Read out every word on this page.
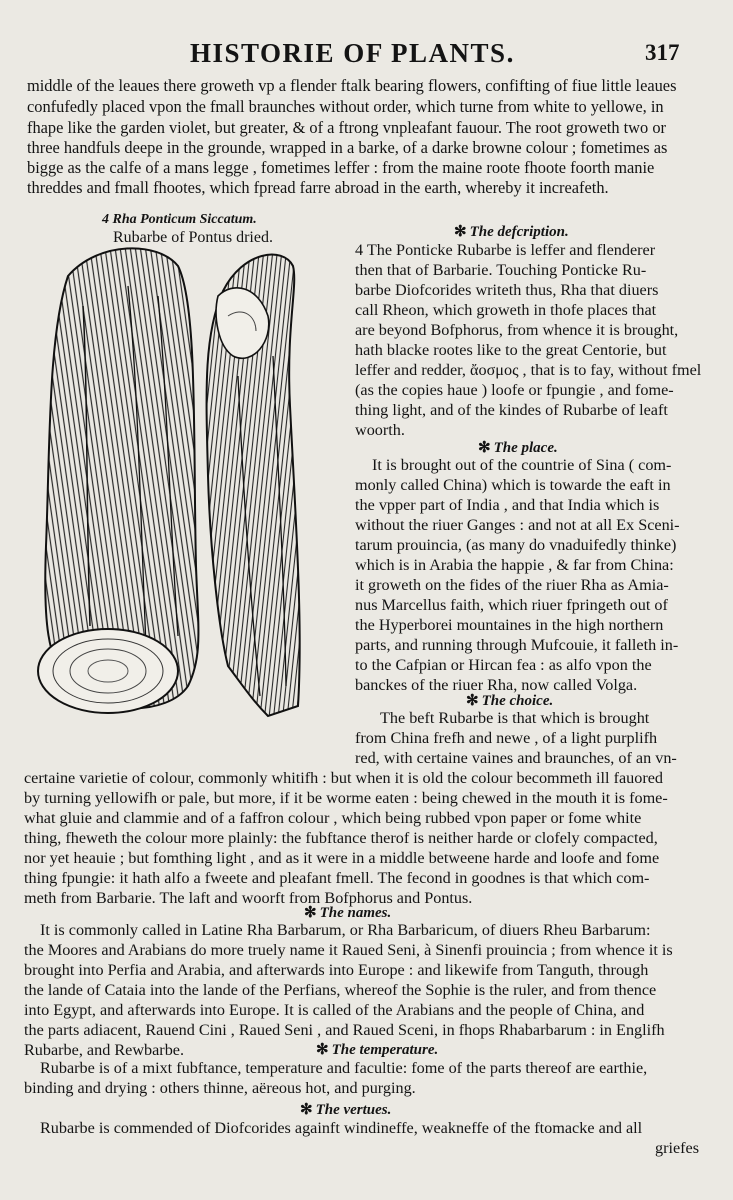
HISTORIE OF PLANTS.	317
middle of the leaues there groweth vp a flender ftalk bearing flowers, confifting of fiue little leaues
confufedly placed vpon the fmall braunches without order, which turne from white to yellowe, in
fhape like the garden violet, but greater, & of a ftrong vnpleafant fauour. The root groweth two or
three handfuls deepe in the grounde, wrapped in a barke, of a darke browne colour ; fometimes as
bigge as the calfe of a mans legge , fometimes leffer : from the maine roote fhoote foorth manie
threddes and fmall fhootes, which fpread farre abroad in the earth, whereby it increafeth.
4 Rha Ponticum Siccatum.
Rubarbe of Pontus dried.	✻ The defcription.
4 The Ponticke Rubarbe is leffer and flenderer
then that of Barbarie. Touching Ponticke Ru-
barbe Diofcorides writeth thus, Rha that diuers
call Rheon, which groweth in thofe places that
are beyond Bofphorus, from whence it is brought,
hath blacke rootes like to the great Centorie, but
leffer and redder, ἄοσμος , that is to fay, without fmel
(as the copies haue ) loofe or fpungie , and fome-
thing light, and of the kindes of Rubarbe of leaft
woorth.
✻ The place.
It is brought out of the countrie of Sina ( com-
monly called China) which is towarde the eaft in
the vpper part of India , and that India which is
without the riuer Ganges : and not at all Ex Sceni-
tarum prouincia, (as many do vnaduifedly thinke)
which is in Arabia the happie , & far from China:
it groweth on the fides of the riuer Rha as Amia-
nus Marcellus faith, which riuer fpringeth out of
the Hyperborei mountaines in the high northern
parts, and running through Mufcouie, it falleth in-
to the Cafpian or Hircan fea : as alfo vpon the
banckes of the riuer Rha, now called Volga.
✻ The choice.
The beft Rubarbe is that which is brought
from China frefh and newe , of a light purplifh
red, with certaine vaines and braunches, of an vn-
certaine varietie of colour, commonly whitifh : but when it is old the colour becommeth ill fauored
by turning yellowifh or pale, but more, if it be worme eaten : being chewed in the mouth it is fome-
what gluie and clammie and of a faffron colour , which being rubbed vpon paper or fome white
thing, fheweth the colour more plainly: the fubftance therof is neither harde or clofely compacted,
nor yet heauie ; but fomthing light , and as it were in a middle betweene harde and loofe and fome
thing fpungie: it hath alfo a fweete and pleafant fmell. The fecond in goodnes is that which com-
meth from Barbarie. The laft and woorft from Bofphorus and Pontus.
✻ The names.
It is commonly called in Latine Rha Barbarum, or Rha Barbaricum, of diuers Rheu Barbarum:
the Moores and Arabians do more truely name it Raued Seni, à Sinenfi prouincia ; from whence it is
brought into Perfia and Arabia, and afterwards into Europe : and likewife from Tanguth, through
the lande of Cataia into the lande of the Perfians, whereof the Sophie is the ruler, and from thence
into Egypt, and afterwards into Europe. It is called of the Arabians and the people of China, and
the parts adiacent, Rauend Cini , Raued Seni , and Raued Sceni, in fhops Rhabarbarum : in Englifh
Rubarbe, and Rewbarbe.	✻ The temperature.
Rubarbe is of a mixt fubftance, temperature and facultie: fome of the parts thereof are earthie,
binding and drying : others thinne, aëreous hot, and purging.
✻ The vertues.
Rubarbe is commended of Diofcorides againft windineffe, weakneffe of the ftomacke and all
griefes
